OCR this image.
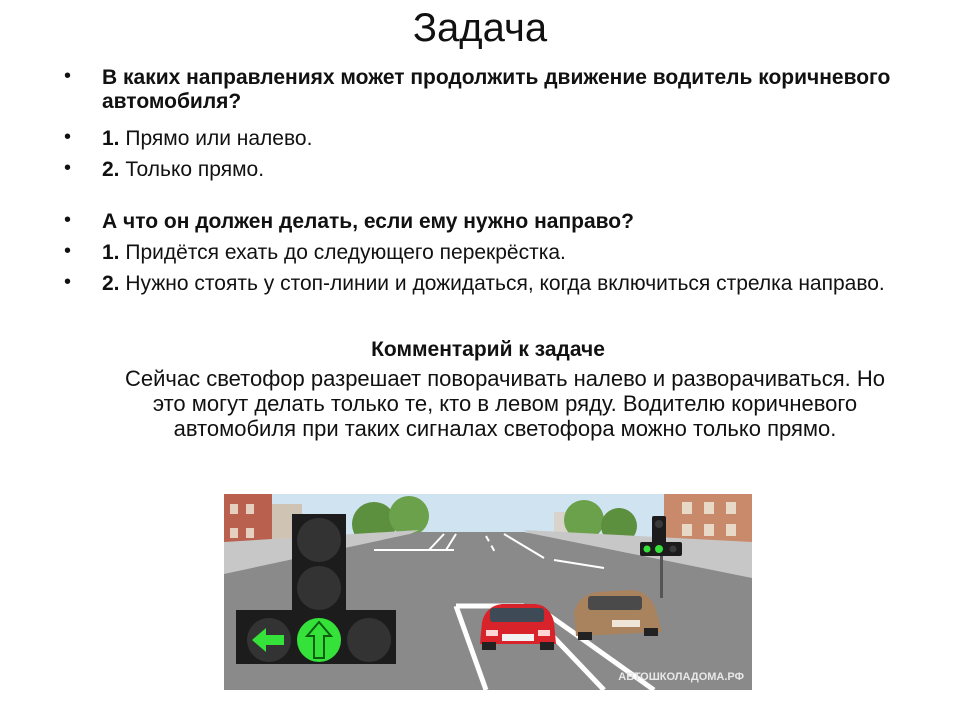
Задача
• В каких направлениях может продолжить движение водитель коричневого автомобиля?
• 1. Прямо или налево.
• 2. Только прямо.
• А что он должен делать, если ему нужно направо?
• 1. Придётся ехать до следующего перекрёстка.
• 2. Нужно стоять у стоп-линии и дожидаться, когда включиться стрелка направо.
Комментарий к задаче
Сейчас светофор разрешает поворачивать налево и разворачиваться. Но это могут делать только те, кто в левом ряду. Водителю коричневого автомобиля при таких сигналах светофора можно только прямо.
АВТОШКОЛАДОМА.РФ
